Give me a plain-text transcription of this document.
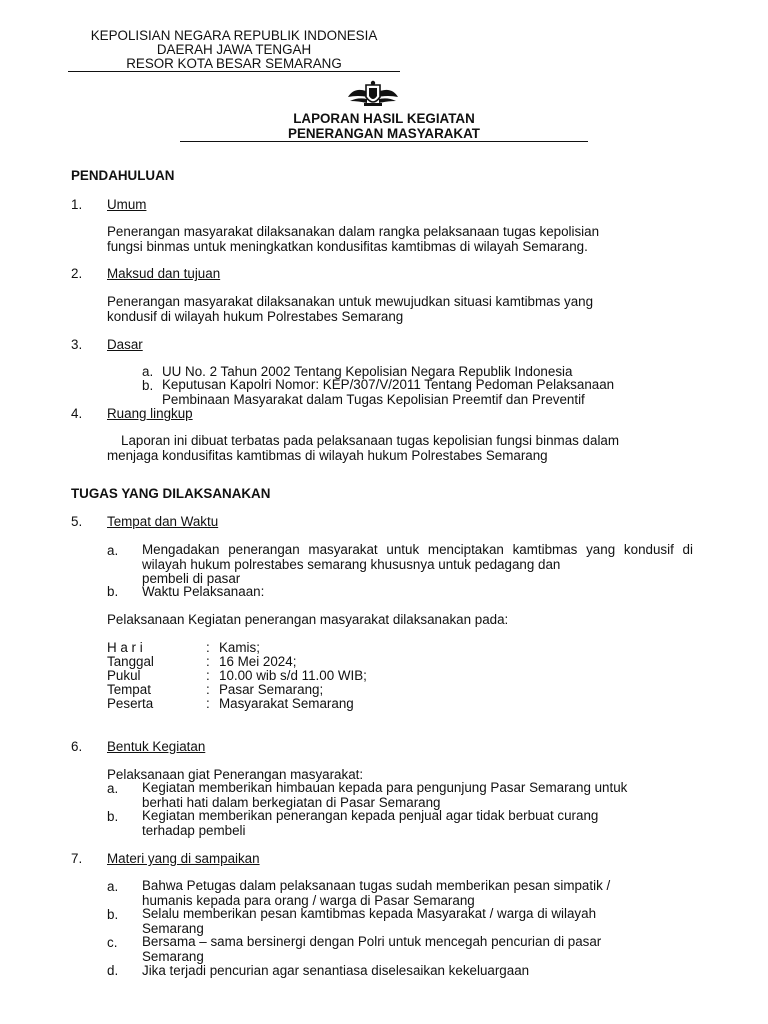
KEPOLISIAN NEGARA REPUBLIK INDONESIA
DAERAH JAWA TENGAH
RESOR KOTA BESAR SEMARANG
LAPORAN HASIL KEGIATAN
PENERANGAN MASYARAKAT
PENDAHULUAN
1. Umum
Penerangan masyarakat dilaksanakan dalam rangka pelaksanaan tugas kepolisian
fungsi binmas untuk meningkatkan kondusifitas kamtibmas di wilayah Semarang.
2. Maksud dan tujuan
Penerangan masyarakat dilaksanakan untuk mewujudkan situasi kamtibmas yang
kondusif di wilayah hukum Polrestabes Semarang
3. Dasar
a. UU No. 2 Tahun 2002 Tentang Kepolisian Negara Republik Indonesia
b. Keputusan Kapolri Nomor: KEP/307/V/2011 Tentang Pedoman Pelaksanaan
Pembinaan Masyarakat dalam Tugas Kepolisian Preemtif dan Preventif
4. Ruang lingkup
Laporan ini dibuat terbatas pada pelaksanaan tugas kepolisian fungsi binmas dalam
menjaga kondusifitas kamtibmas di wilayah hukum Polrestabes Semarang
TUGAS YANG DILAKSANAKAN
5. Tempat dan Waktu
a. Mengadakan penerangan masyarakat untuk menciptakan kamtibmas yang kondusif di wilayah hukum polrestabes semarang khususnya untuk pedagang dan
pembeli di pasar
b. Waktu Pelaksanaan:
Pelaksanaan Kegiatan penerangan masyarakat dilaksanakan pada:
H a r i	: Kamis;
Tanggal	: 16 Mei 2024;
Pukul	: 10.00 wib s/d 11.00 WIB;
Tempat	: Pasar Semarang;
Peserta	: Masyarakat Semarang
6. Bentuk Kegiatan
Pelaksanaan giat Penerangan masyarakat:
a. Kegiatan memberikan himbauan kepada para pengunjung Pasar Semarang untuk
berhati hati dalam berkegiatan di Pasar Semarang
b. Kegiatan memberikan penerangan kepada penjual agar tidak berbuat curang
terhadap pembeli
7. Materi yang di sampaikan
a. Bahwa Petugas dalam pelaksanaan tugas sudah memberikan pesan simpatik /
humanis kepada para orang / warga di Pasar Semarang
b. Selalu memberikan pesan kamtibmas kepada Masyarakat / warga di wilayah
Semarang
c. Bersama – sama bersinergi dengan Polri untuk mencegah pencurian di pasar
Semarang
d. Jika terjadi pencurian agar senantiasa diselesaikan kekeluargaan
